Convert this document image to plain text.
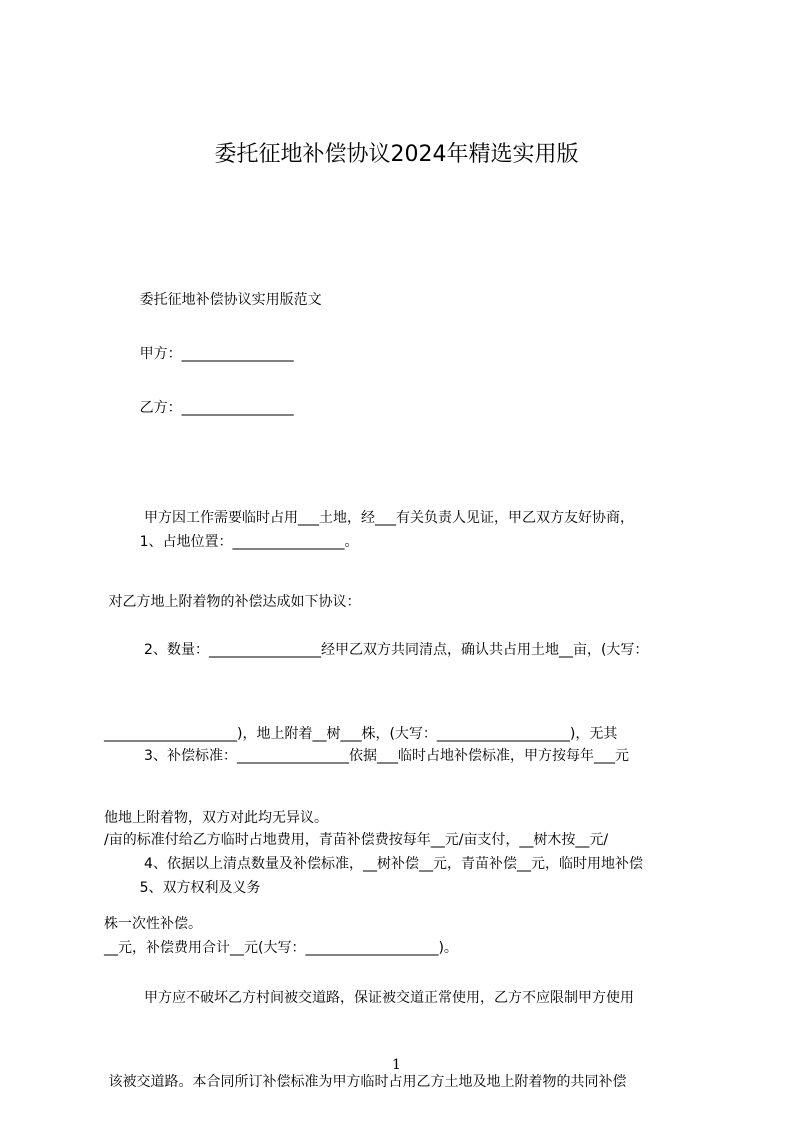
委托征地补偿协议2024年精选实用版
委托征地补偿协议实用版范文
甲方：________________
乙方：________________

甲方因工作需要临时占用___土地，经___有关负责人见证，甲乙双方友好协商，

对乙方地上附着物的补偿达成如下协议：

1、占地位置：________________。

2、数量：________________经甲乙双方共同清点，确认共占用土地__亩，(大写：

___________________)，地上附着__树___株，(大写：___________________)，无其

他地上附着物，双方对此均无异议。

3、补偿标准：________________依据___临时占地补偿标准，甲方按每年___元

/亩的标准付给乙方临时占地费用，青苗补偿费按每年__元/亩支付，__树木按__元/

株一次性补偿。

4、依据以上清点数量及补偿标准，__树补偿__元，青苗补偿__元，临时用地补偿

__元，补偿费用合计__元(大写：___________________)。

5、双方权利及义务

甲方应不破坏乙方村间被交道路，保证被交道正常使用，乙方不应限制甲方使用

该被交道路。本合同所订补偿标准为甲方临时占用乙方土地及地上附着物的共同补偿

1
